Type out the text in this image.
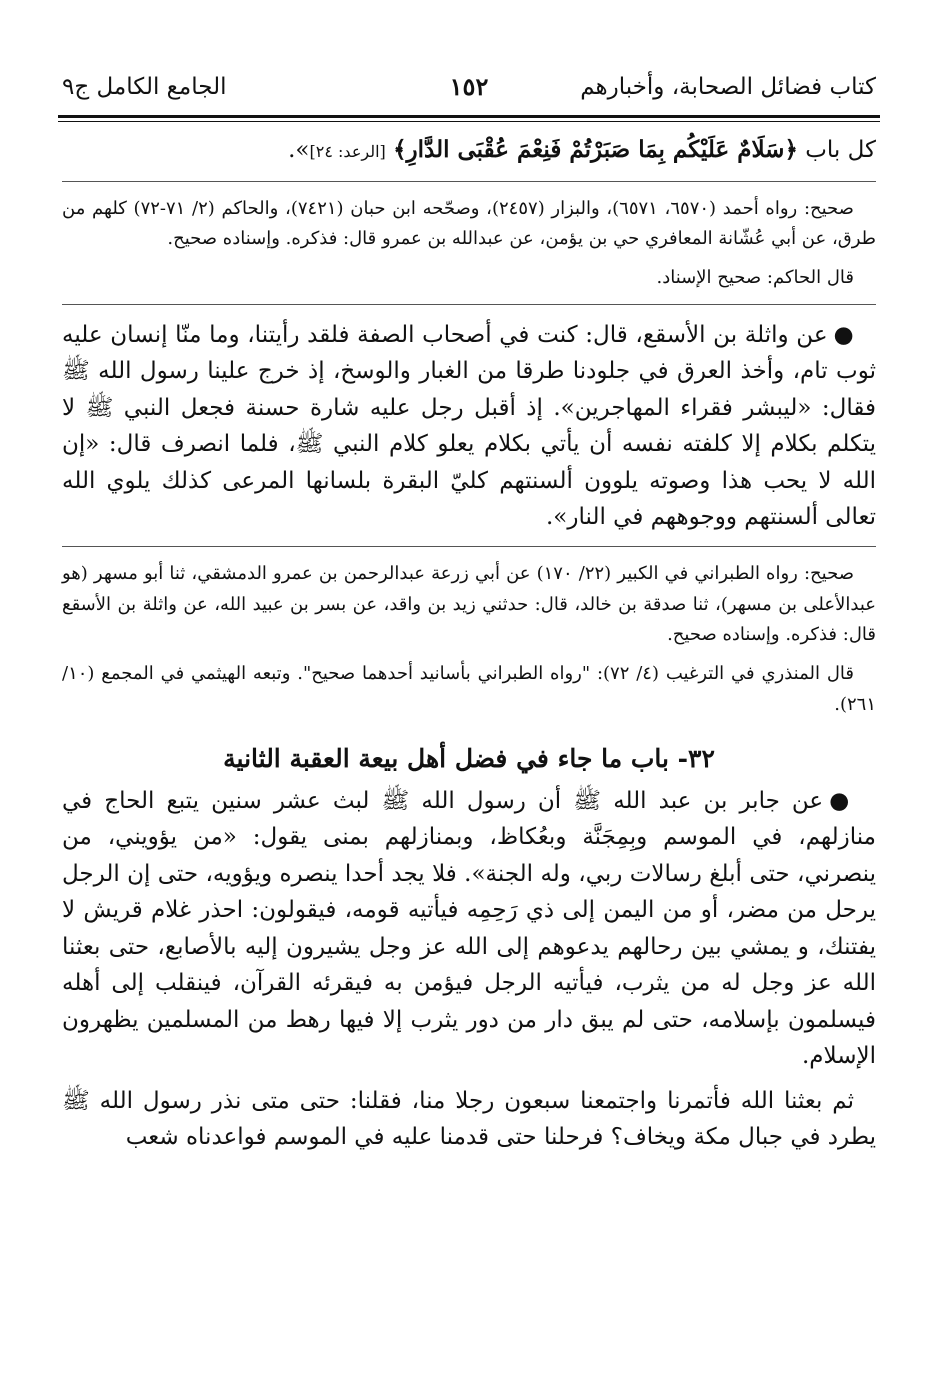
كتاب فضائل الصحابة، وأخبارهم
١٥٢
الجامع الكامل ج٩

كل باب ﴿سَلَامٌ عَلَيْكُم بِمَا صَبَرْتُمْ فَنِعْمَ عُقْبَى الدَّارِ﴾ [الرعد: ٢٤]».

صحيح: رواه أحمد (٦٥٧٠، ٦٥٧١)، والبزار (٢٤٥٧)، وصحّحه ابن حبان (٧٤٢١)، والحاكم (٢/ ٧١-٧٢) كلهم من طرق، عن أبي عُشّانة المعافري حي بن يؤمن، عن عبدالله بن عمرو قال: فذكره. وإسناده صحيح.

قال الحاكم: صحيح الإسناد.

●عن واثلة بن الأسقع، قال: كنت في أصحاب الصفة فلقد رأيتنا، وما منّا إنسان عليه ثوب تام، وأخذ العرق في جلودنا طرقا من الغبار والوسخ، إذ خرج علينا رسول الله ﷺ فقال: «ليبشر فقراء المهاجرين». إذ أقبل رجل عليه شارة حسنة فجعل النبي ﷺ لا يتكلم بكلام إلا كلفته نفسه أن يأتي بكلام يعلو كلام النبي ﷺ، فلما انصرف قال: «إن الله لا يحب هذا وصوته يلوون ألسنتهم كليّ البقرة بلسانها المرعى كذلك يلوي الله تعالى ألسنتهم ووجوههم في النار».

صحيح: رواه الطبراني في الكبير (٢٢/ ١٧٠) عن أبي زرعة عبدالرحمن بن عمرو الدمشقي، ثنا أبو مسهر (هو عبدالأعلى بن مسهر)، ثنا صدقة بن خالد، قال: حدثني زيد بن واقد، عن بسر بن عبيد الله، عن واثلة بن الأسقع قال: فذكره. وإسناده صحيح.

قال المنذري في الترغيب (٤/ ٧٢): "رواه الطبراني بأسانيد أحدهما صحيح". وتبعه الهيثمي في المجمع (١٠/ ٢٦١).

٣٢- باب ما جاء في فضل أهل بيعة العقبة الثانية

●عن جابر بن عبد الله ﷺ أن رسول الله ﷺ لبث عشر سنين يتبع الحاج في منازلهم، في الموسم وبِمِجَنَّة وبعُكاظ، وبمنازلهم بمنى يقول: «من يؤويني، من ينصرني، حتى أبلغ رسالات ربي، وله الجنة». فلا يجد أحدا ينصره ويؤويه، حتى إن الرجل يرحل من مضر، أو من اليمن إلى ذي رَحِمِه فيأتيه قومه، فيقولون: احذر غلام قريش لا يفتنك، و يمشي بين رحالهم يدعوهم إلى الله عز وجل يشيرون إليه بالأصابع، حتى بعثنا الله عز وجل له من يثرب، فيأتيه الرجل فيؤمن به فيقرئه القرآن، فينقلب إلى أهله فيسلمون بإسلامه، حتى لم يبق دار من دور يثرب إلا فيها رهط من المسلمين يظهرون الإسلام.

ثم بعثنا الله فأتمرنا واجتمعنا سبعون رجلا منا، فقلنا: حتى متى نذر رسول الله ﷺ يطرد في جبال مكة ويخاف؟ فرحلنا حتى قدمنا عليه في الموسم فواعدناه شعب
